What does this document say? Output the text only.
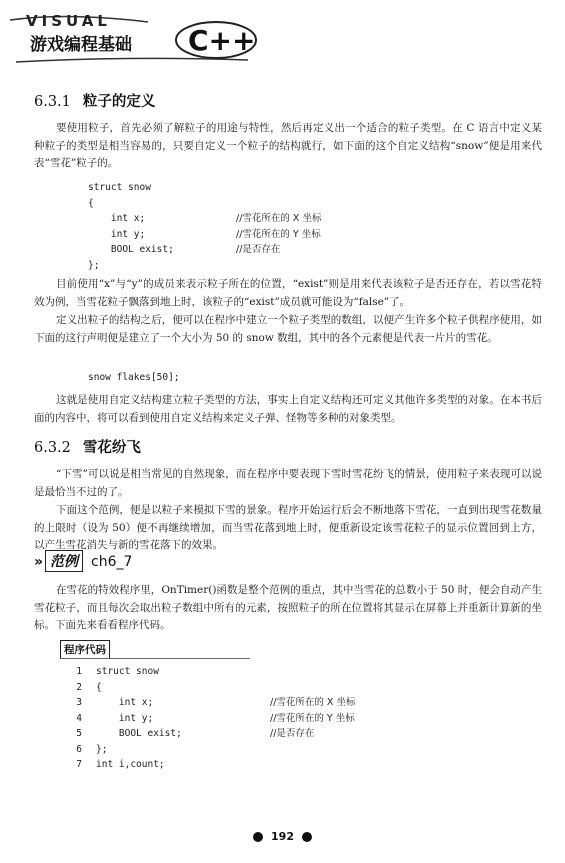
VISUAL
游戏编程基础 C++
6.3.1 粒子的定义
要使用粒子，首先必须了解粒子的用途与特性，然后再定义出一个适合的粒子类型。在 C 语言中定义某种粒子的类型是相当容易的，只要自定义一个粒子的结构就行，如下面的这个自定义结构“snow”便是用来代表“雪花”粒子的。
struct snow
{
int x;	//雪花所在的 X 坐标
int y;	//雪花所在的 Y 坐标
BOOL exist;	//是否存在
};
目前使用“x”与“y”的成员来表示粒子所在的位置，“exist”则是用来代表该粒子是否还存在，若以雪花特效为例，当雪花粒子飘落到地上时，该粒子的“exist”成员就可能设为“false”了。
定义出粒子的结构之后，便可以在程序中建立一个粒子类型的数组，以便产生许多个粒子供程序使用，如下面的这行声明便是建立了一个大小为 50 的 snow 数组，其中的各个元素便是代表一片片的雪花。
snow flakes[50];
这就是使用自定义结构建立粒子类型的方法，事实上自定义结构还可定义其他许多类型的对象。在本书后面的内容中，将可以看到使用自定义结构来定义子弹、怪物等多种的对象类型。
6.3.2 雪花纷飞
“下雪”可以说是相当常见的自然现象，而在程序中要表现下雪时雪花纷飞的情景，使用粒子来表现可以说是最恰当不过的了。
下面这个范例，便是以粒子来模拟下雪的景象。程序开始运行后会不断地落下雪花，一直到出现雪花数量的上限时（设为 50）便不再继续增加，而当雪花落到地上时，便重新设定该雪花粒子的显示位置回到上方，以产生雪花消失与新的雪花落下的效果。
» 范例 ch6_7
在雪花的特效程序里，OnTimer()函数是整个范例的重点，其中当雪花的总数小于 50 时，便会自动产生雪花粒子，而且每次会取出粒子数组中所有的元素，按照粒子的所在位置将其显示在屏幕上并重新计算新的坐标。下面先来看看程序代码。
程序代码
1 struct snow
2 {
3    int x;	//雪花所在的 X 坐标
4    int y;	//雪花所在的 Y 坐标
5    BOOL exist;	//是否存在
6 };
7 int i,count;
192
